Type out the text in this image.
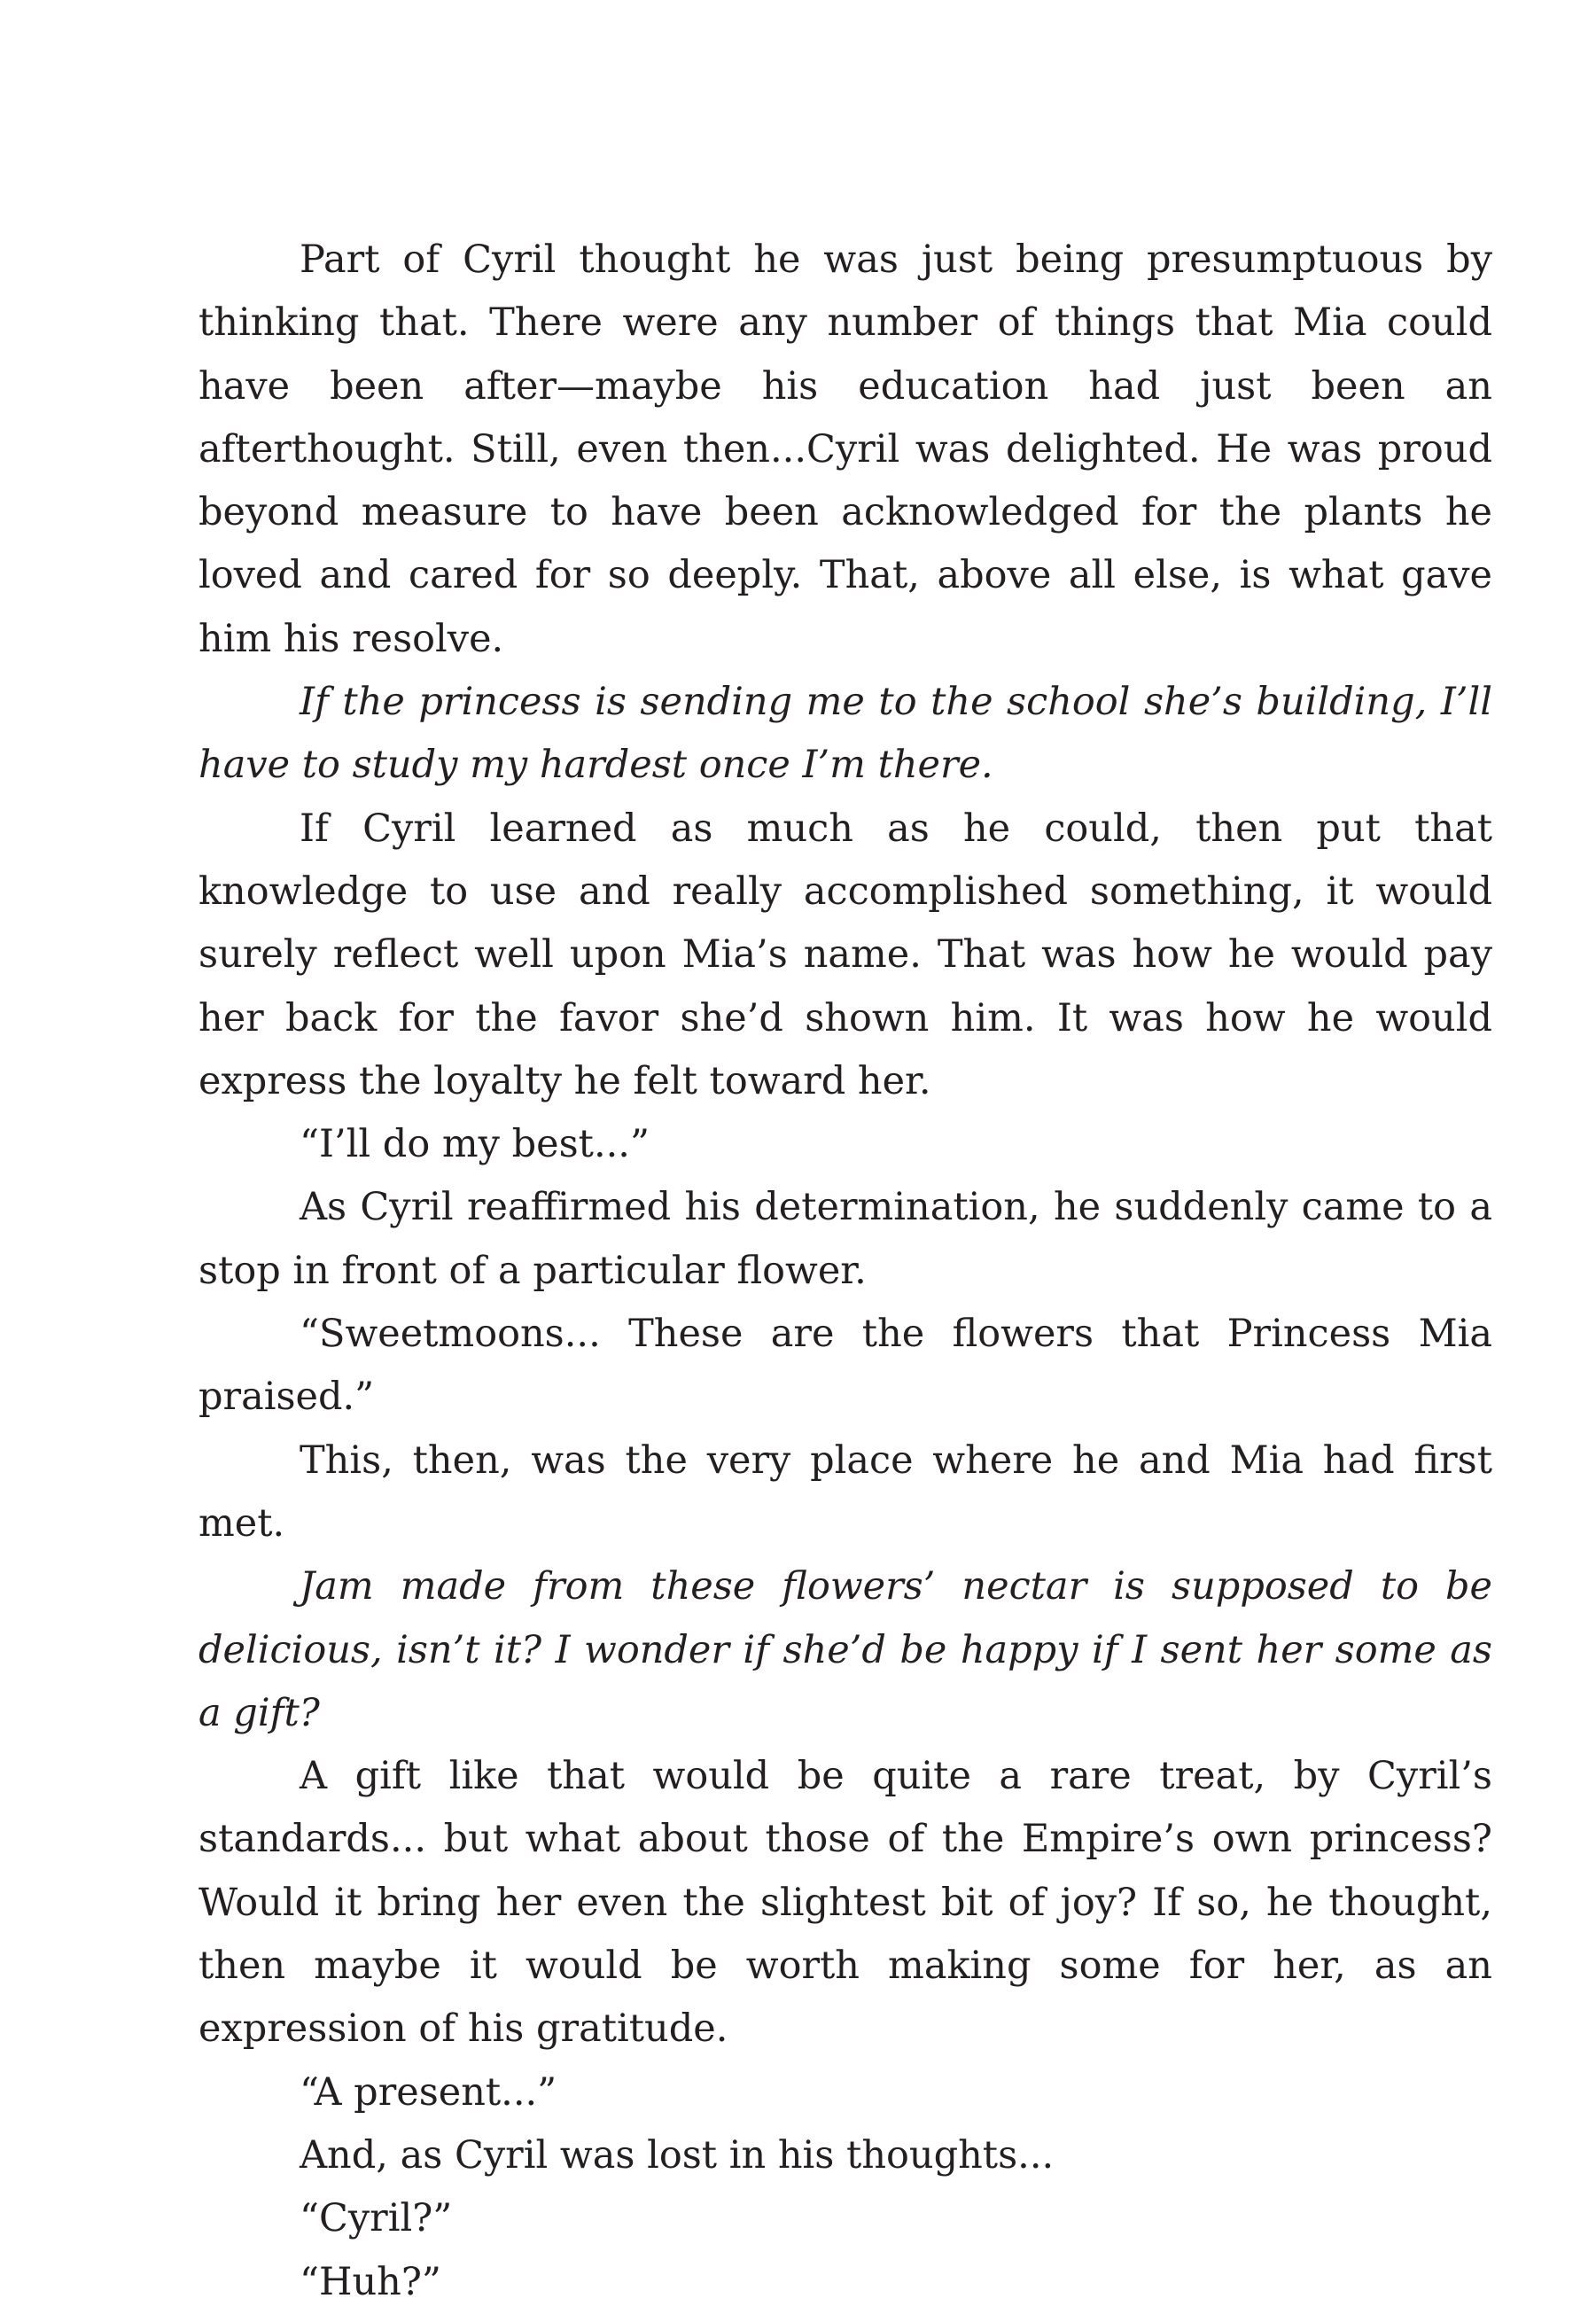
Part of Cyril thought he was just being presumptuous by thinking that. There were any number of things that Mia could have been after—maybe his education had just been an afterthought. Still, even then...Cyril was delighted. He was proud beyond measure to have been acknowledged for the plants he loved and cared for so deeply. That, above all else, is what gave him his resolve.

If the princess is sending me to the school she’s building, I’ll have to study my hardest once I’m there.

If Cyril learned as much as he could, then put that knowledge to use and really accomplished something, it would surely reflect well upon Mia’s name. That was how he would pay her back for the favor she’d shown him. It was how he would express the loyalty he felt toward her.

“I’ll do my best...”

As Cyril reaffirmed his determination, he suddenly came to a stop in front of a particular flower.

“Sweetmoons... These are the flowers that Princess Mia praised.”

This, then, was the very place where he and Mia had first met.

Jam made from these flowers’ nectar is supposed to be delicious, isn’t it? I wonder if she’d be happy if I sent her some as a gift?

A gift like that would be quite a rare treat, by Cyril’s standards... but what about those of the Empire’s own princess? Would it bring her even the slightest bit of joy? If so, he thought, then maybe it would be worth making some for her, as an expression of his gratitude.

“A present...”

And, as Cyril was lost in his thoughts...

“Cyril?”

“Huh?”
